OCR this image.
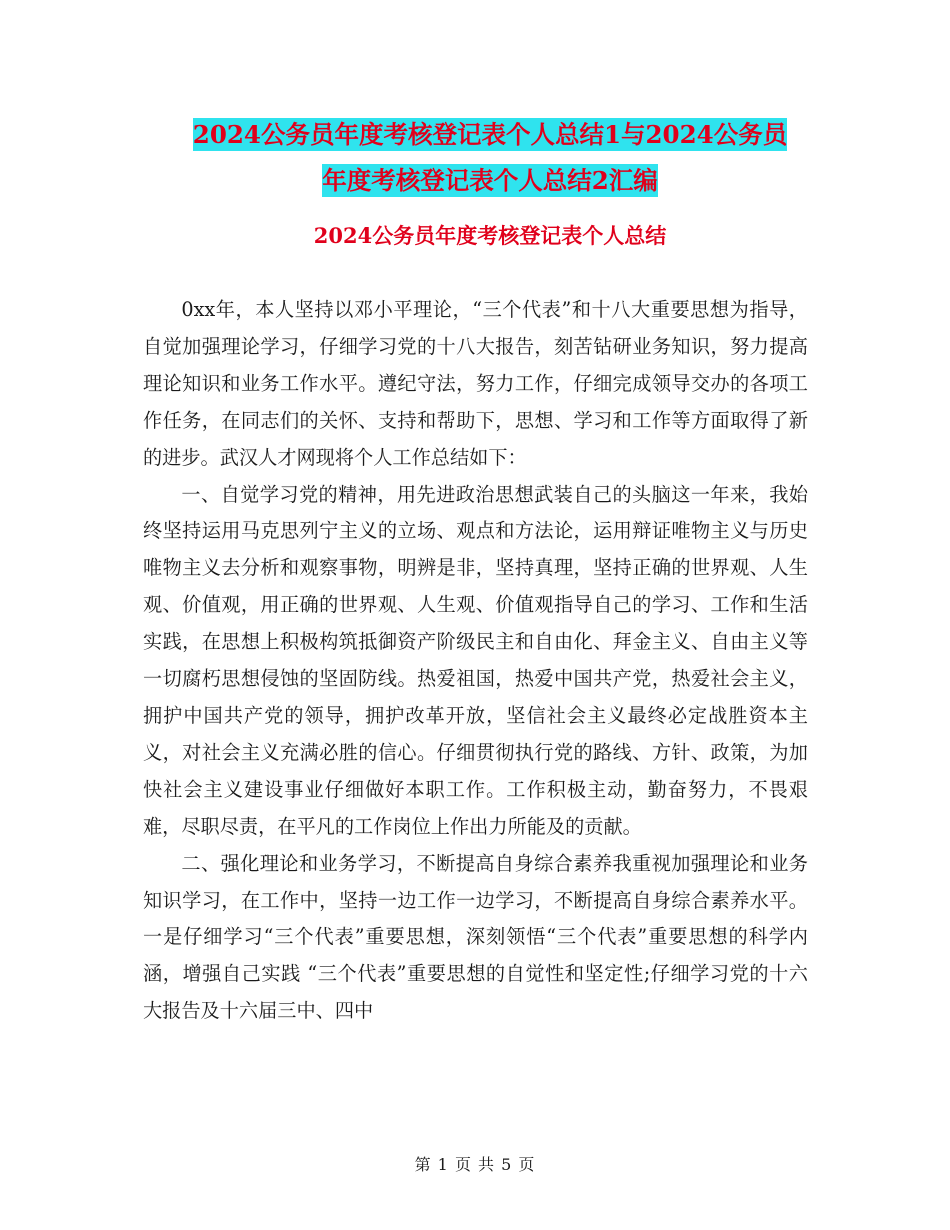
2024公务员年度考核登记表个人总结1与2024公务员
年度考核登记表个人总结2汇编
2024公务员年度考核登记表个人总结

0xx年，本人坚持以邓小平理论，“三个代表”和十八大重要思想为指导，自觉加强理论学习，仔细学习党的十八大报告，刻苦钻研业务知识，努力提高理论知识和业务工作水平。遵纪守法，努力工作，仔细完成领导交办的各项工作任务，在同志们的关怀、支持和帮助下，思想、学习和工作等方面取得了新的进步。武汉人才网现将个人工作总结如下：

一、自觉学习党的精神，用先进政治思想武装自己的头脑这一年来，我始终坚持运用马克思列宁主义的立场、观点和方法论，运用辩证唯物主义与历史唯物主义去分析和观察事物，明辨是非，坚持真理，坚持正确的世界观、人生观、价值观，用正确的世界观、人生观、价值观指导自己的学习、工作和生活实践，在思想上积极构筑抵御资产阶级民主和自由化、拜金主义、自由主义等一切腐朽思想侵蚀的坚固防线。热爱祖国，热爱中国共产党，热爱社会主义，拥护中国共产党的领导，拥护改革开放，坚信社会主义最终必定战胜资本主义，对社会主义充满必胜的信心。仔细贯彻执行党的路线、方针、政策，为加快社会主义建设事业仔细做好本职工作。工作积极主动，勤奋努力，不畏艰难，尽职尽责，在平凡的工作岗位上作出力所能及的贡献。

二、强化理论和业务学习，不断提高自身综合素养我重视加强理论和业务知识学习，在工作中，坚持一边工作一边学习，不断提高自身综合素养水平。一是仔细学习“三个代表”重要思想，深刻领悟“三个代表”重要思想的科学内涵，增强自己实践 “三个代表”重要思想的自觉性和坚定性;仔细学习党的十六大报告及十六届三中、四中

第 1 页 共 5 页
